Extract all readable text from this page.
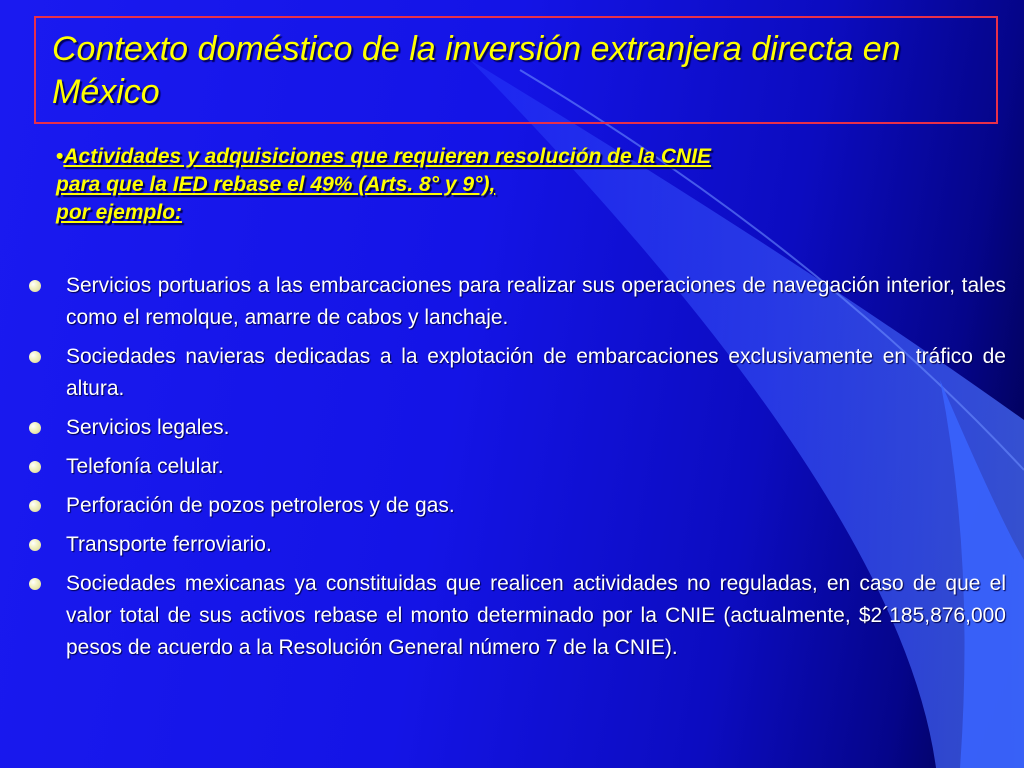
Contexto doméstico de la inversión extranjera directa en México
•Actividades y adquisiciones que requieren resolución de la CNIE
para que la IED rebase el 49% (Arts. 8° y 9°),
por ejemplo:
Servicios portuarios a las embarcaciones para realizar sus operaciones de navegación interior, tales como el remolque, amarre de cabos y lanchaje.
Sociedades navieras dedicadas a la explotación de embarcaciones exclusivamente en tráfico de altura.
Servicios legales.
Telefonía celular.
Perforación de pozos petroleros y de gas.
Transporte ferroviario.
Sociedades mexicanas ya constituidas que realicen actividades no reguladas, en caso de que el valor total de sus activos rebase el monto determinado por la CNIE (actualmente, $2´185,876,000 pesos de acuerdo a la Resolución General número 7 de la CNIE).
